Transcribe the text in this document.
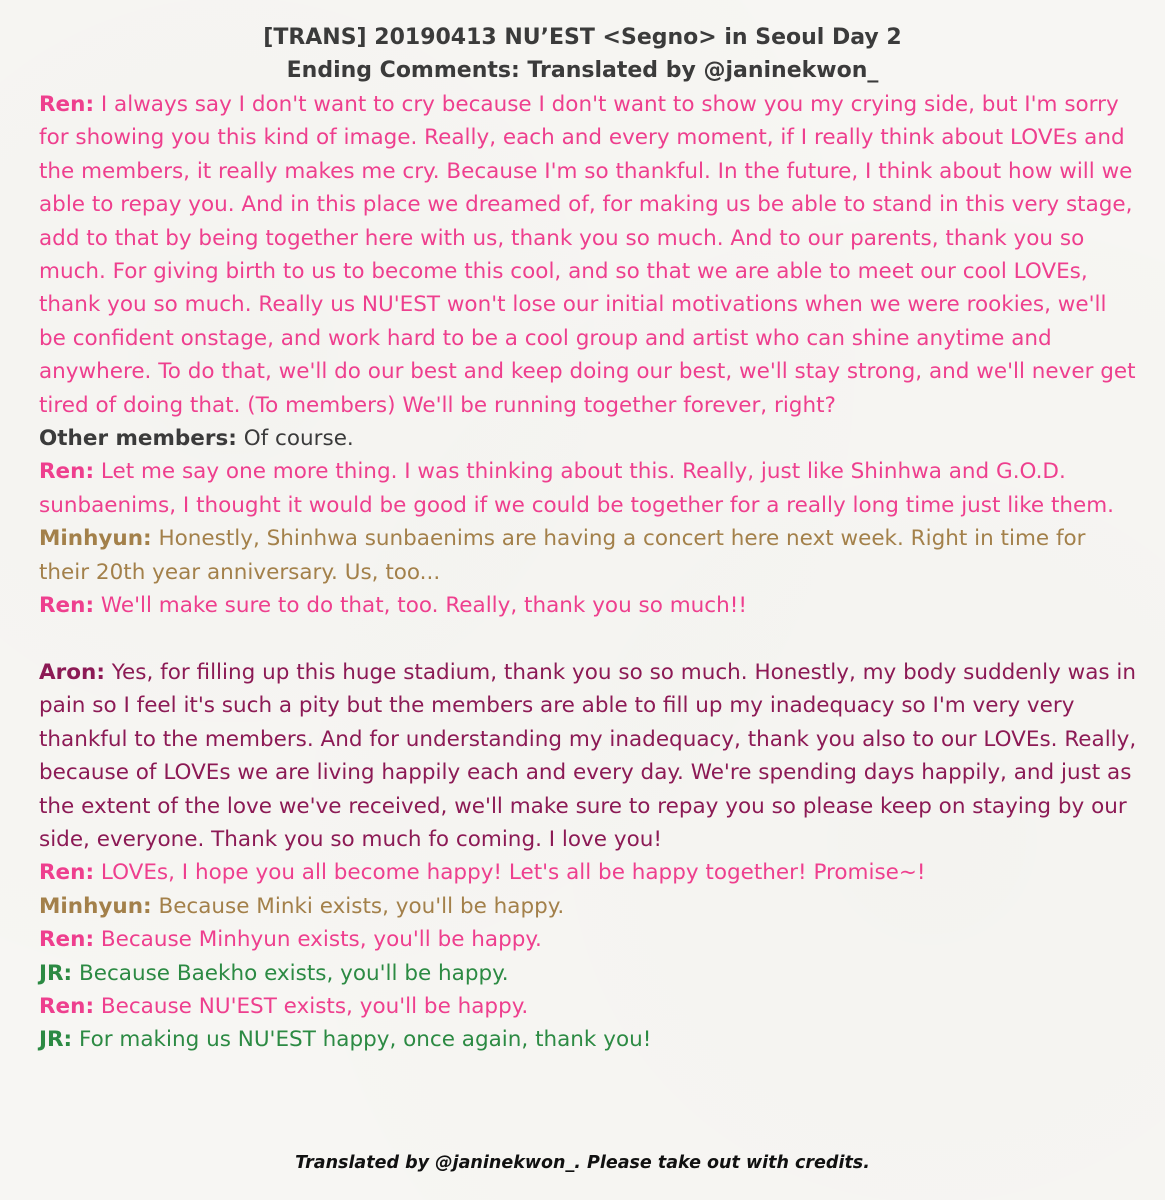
[TRANS] 20190413 NU’EST <Segno> in Seoul Day 2
Ending Comments: Translated by @janinekwon_
Ren: I always say I don't want to cry because I don't want to show you my crying side, but I'm sorry for showing you this kind of image. Really, each and every moment, if I really think about LOVEs and the members, it really makes me cry. Because I'm so thankful. In the future, I think about how will we able to repay you. And in this place we dreamed of, for making us be able to stand in this very stage, add to that by being together here with us, thank you so much. And to our parents, thank you so much. For giving birth to us to become this cool, and so that we are able to meet our cool LOVEs, thank you so much. Really us NU'EST won't lose our initial motivations when we were rookies, we'll be confident onstage, and work hard to be a cool group and artist who can shine anytime and anywhere. To do that, we'll do our best and keep doing our best, we'll stay strong, and we'll never get tired of doing that. (To members) We'll be running together forever, right?
Other members: Of course.
Ren: Let me say one more thing. I was thinking about this. Really, just like Shinhwa and G.O.D. sunbaenims, I thought it would be good if we could be together for a really long time just like them.
Minhyun: Honestly, Shinhwa sunbaenims are having a concert here next week. Right in time for their 20th year anniversary. Us, too...
Ren: We'll make sure to do that, too. Really, thank you so much!!
Aron: Yes, for filling up this huge stadium, thank you so so much. Honestly, my body suddenly was in pain so I feel it's such a pity but the members are able to fill up my inadequacy so I'm very very thankful to the members. And for understanding my inadequacy, thank you also to our LOVEs. Really, because of LOVEs we are living happily each and every day. We're spending days happily, and just as the extent of the love we've received, we'll make sure to repay you so please keep on staying by our side, everyone. Thank you so much fo coming. I love you!
Ren: LOVEs, I hope you all become happy! Let's all be happy together! Promise~!
Minhyun: Because Minki exists, you'll be happy.
Ren: Because Minhyun exists, you'll be happy.
JR: Because Baekho exists, you'll be happy.
Ren: Because NU'EST exists, you'll be happy.
JR: For making us NU'EST happy, once again, thank you!
Translated by @janinekwon_. Please take out with credits.
